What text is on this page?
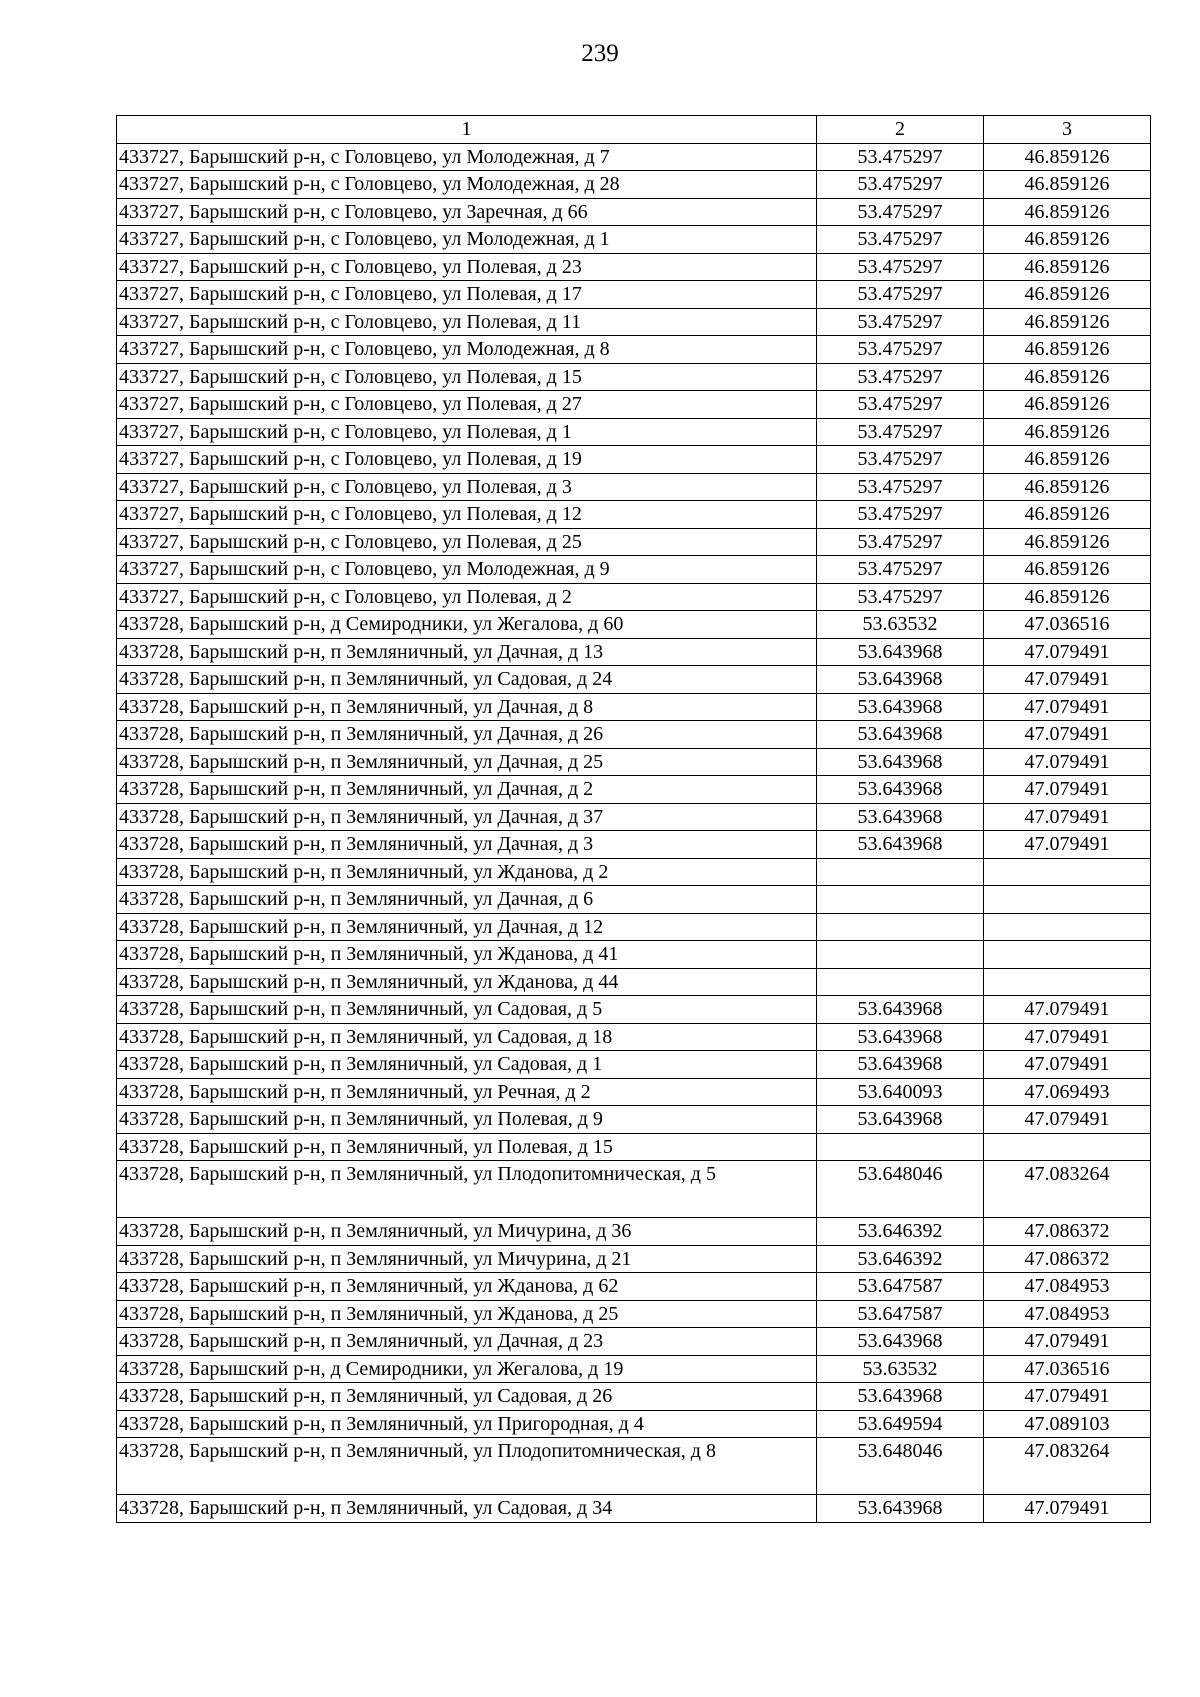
239
1	2	3
433727, Барышский р-н, с Головцево, ул Молодежная, д 7	53.475297	46.859126
433727, Барышский р-н, с Головцево, ул Молодежная, д 28	53.475297	46.859126
433727, Барышский р-н, с Головцево, ул Заречная, д 66	53.475297	46.859126
433727, Барышский р-н, с Головцево, ул Молодежная, д 1	53.475297	46.859126
433727, Барышский р-н, с Головцево, ул Полевая, д 23	53.475297	46.859126
433727, Барышский р-н, с Головцево, ул Полевая, д 17	53.475297	46.859126
433727, Барышский р-н, с Головцево, ул Полевая, д 11	53.475297	46.859126
433727, Барышский р-н, с Головцево, ул Молодежная, д 8	53.475297	46.859126
433727, Барышский р-н, с Головцево, ул Полевая, д 15	53.475297	46.859126
433727, Барышский р-н, с Головцево, ул Полевая, д 27	53.475297	46.859126
433727, Барышский р-н, с Головцево, ул Полевая, д 1	53.475297	46.859126
433727, Барышский р-н, с Головцево, ул Полевая, д 19	53.475297	46.859126
433727, Барышский р-н, с Головцево, ул Полевая, д 3	53.475297	46.859126
433727, Барышский р-н, с Головцево, ул Полевая, д 12	53.475297	46.859126
433727, Барышский р-н, с Головцево, ул Полевая, д 25	53.475297	46.859126
433727, Барышский р-н, с Головцево, ул Молодежная, д 9	53.475297	46.859126
433727, Барышский р-н, с Головцево, ул Полевая, д 2	53.475297	46.859126
433728, Барышский р-н, д Семиродники, ул Жегалова, д 60	53.63532	47.036516
433728, Барышский р-н, п Земляничный, ул Дачная, д 13	53.643968	47.079491
433728, Барышский р-н, п Земляничный, ул Садовая, д 24	53.643968	47.079491
433728, Барышский р-н, п Земляничный, ул Дачная, д 8	53.643968	47.079491
433728, Барышский р-н, п Земляничный, ул Дачная, д 26	53.643968	47.079491
433728, Барышский р-н, п Земляничный, ул Дачная, д 25	53.643968	47.079491
433728, Барышский р-н, п Земляничный, ул Дачная, д 2	53.643968	47.079491
433728, Барышский р-н, п Земляничный, ул Дачная, д 37	53.643968	47.079491
433728, Барышский р-н, п Земляничный, ул Дачная, д 3	53.643968	47.079491
433728, Барышский р-н, п Земляничный, ул Жданова, д 2		
433728, Барышский р-н, п Земляничный, ул Дачная, д 6		
433728, Барышский р-н, п Земляничный, ул Дачная, д 12		
433728, Барышский р-н, п Земляничный, ул Жданова, д 41		
433728, Барышский р-н, п Земляничный, ул Жданова, д 44		
433728, Барышский р-н, п Земляничный, ул Садовая, д 5	53.643968	47.079491
433728, Барышский р-н, п Земляничный, ул Садовая, д 18	53.643968	47.079491
433728, Барышский р-н, п Земляничный, ул Садовая, д 1	53.643968	47.079491
433728, Барышский р-н, п Земляничный, ул Речная, д 2	53.640093	47.069493
433728, Барышский р-н, п Земляничный, ул Полевая, д 9	53.643968	47.079491
433728, Барышский р-н, п Земляничный, ул Полевая, д 15		
433728, Барышский р-н, п Земляничный, ул Плодопитомническая, д 5	53.648046	47.083264
433728, Барышский р-н, п Земляничный, ул Мичурина, д 36	53.646392	47.086372
433728, Барышский р-н, п Земляничный, ул Мичурина, д 21	53.646392	47.086372
433728, Барышский р-н, п Земляничный, ул Жданова, д 62	53.647587	47.084953
433728, Барышский р-н, п Земляничный, ул Жданова, д 25	53.647587	47.084953
433728, Барышский р-н, п Земляничный, ул Дачная, д 23	53.643968	47.079491
433728, Барышский р-н, д Семиродники, ул Жегалова, д 19	53.63532	47.036516
433728, Барышский р-н, п Земляничный, ул Садовая, д 26	53.643968	47.079491
433728, Барышский р-н, п Земляничный, ул Пригородная, д 4	53.649594	47.089103
433728, Барышский р-н, п Земляничный, ул Плодопитомническая, д 8	53.648046	47.083264
433728, Барышский р-н, п Земляничный, ул Садовая, д 34	53.643968	47.079491
